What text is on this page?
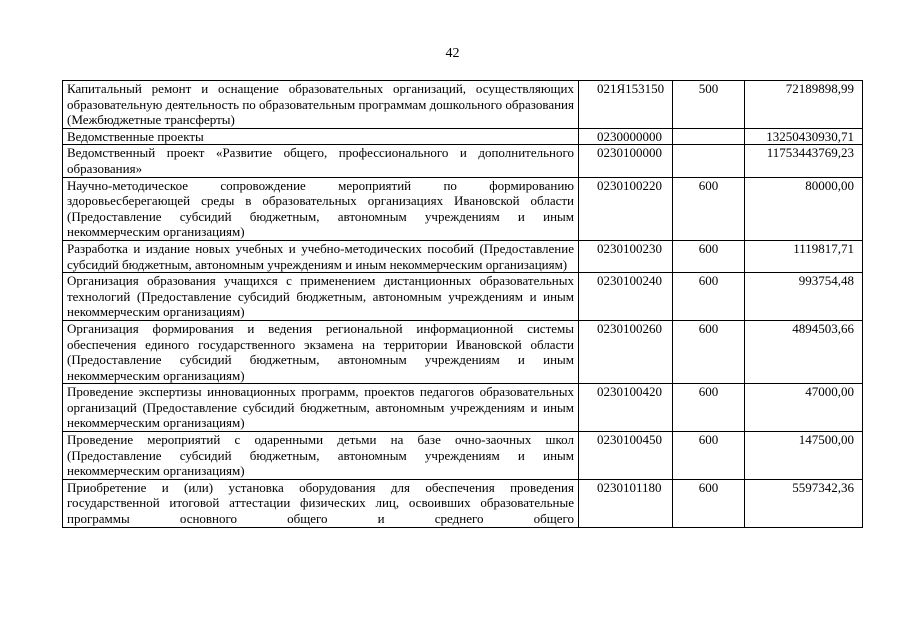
42
Капитальный ремонт и оснащение образовательных организаций, осуществляющих образовательную деятельность по образовательным программам дошкольного образования (Межбюджетные трансферты)	021Я153150	500	72189898,99
Ведомственные проекты	0230000000		13250430930,71
Ведомственный проект «Развитие общего, профессионального и дополнительного образования»	0230100000		11753443769,23
Научно-методическое сопровождение мероприятий по формированию здоровьесберегающей среды в образовательных организациях Ивановской области (Предоставление субсидий бюджетным, автономным учреждениям и иным некоммерческим организациям)	0230100220	600	80000,00
Разработка и издание новых учебных и учебно-методических пособий (Предоставление субсидий бюджетным, автономным учреждениям и иным некоммерческим организациям)	0230100230	600	1119817,71
Организация образования учащихся с применением дистанционных образовательных технологий (Предоставление субсидий бюджетным, автономным учреждениям и иным некоммерческим организациям)	0230100240	600	993754,48
Организация формирования и ведения региональной информационной системы обеспечения единого государственного экзамена на территории Ивановской области (Предоставление субсидий бюджетным, автономным учреждениям и иным некоммерческим организациям)	0230100260	600	4894503,66
Проведение экспертизы инновационных программ, проектов педагогов образовательных организаций (Предоставление субсидий бюджетным, автономным учреждениям и иным некоммерческим организациям)	0230100420	600	47000,00
Проведение мероприятий с одаренными детьми на базе очно-заочных школ (Предоставление субсидий бюджетным, автономным учреждениям и иным некоммерческим организациям)	0230100450	600	147500,00
Приобретение и (или) установка оборудования для обеспечения проведения государственной итоговой аттестации физических лиц, освоивших образовательные программы основного общего и среднего общего	0230101180	600	5597342,36
